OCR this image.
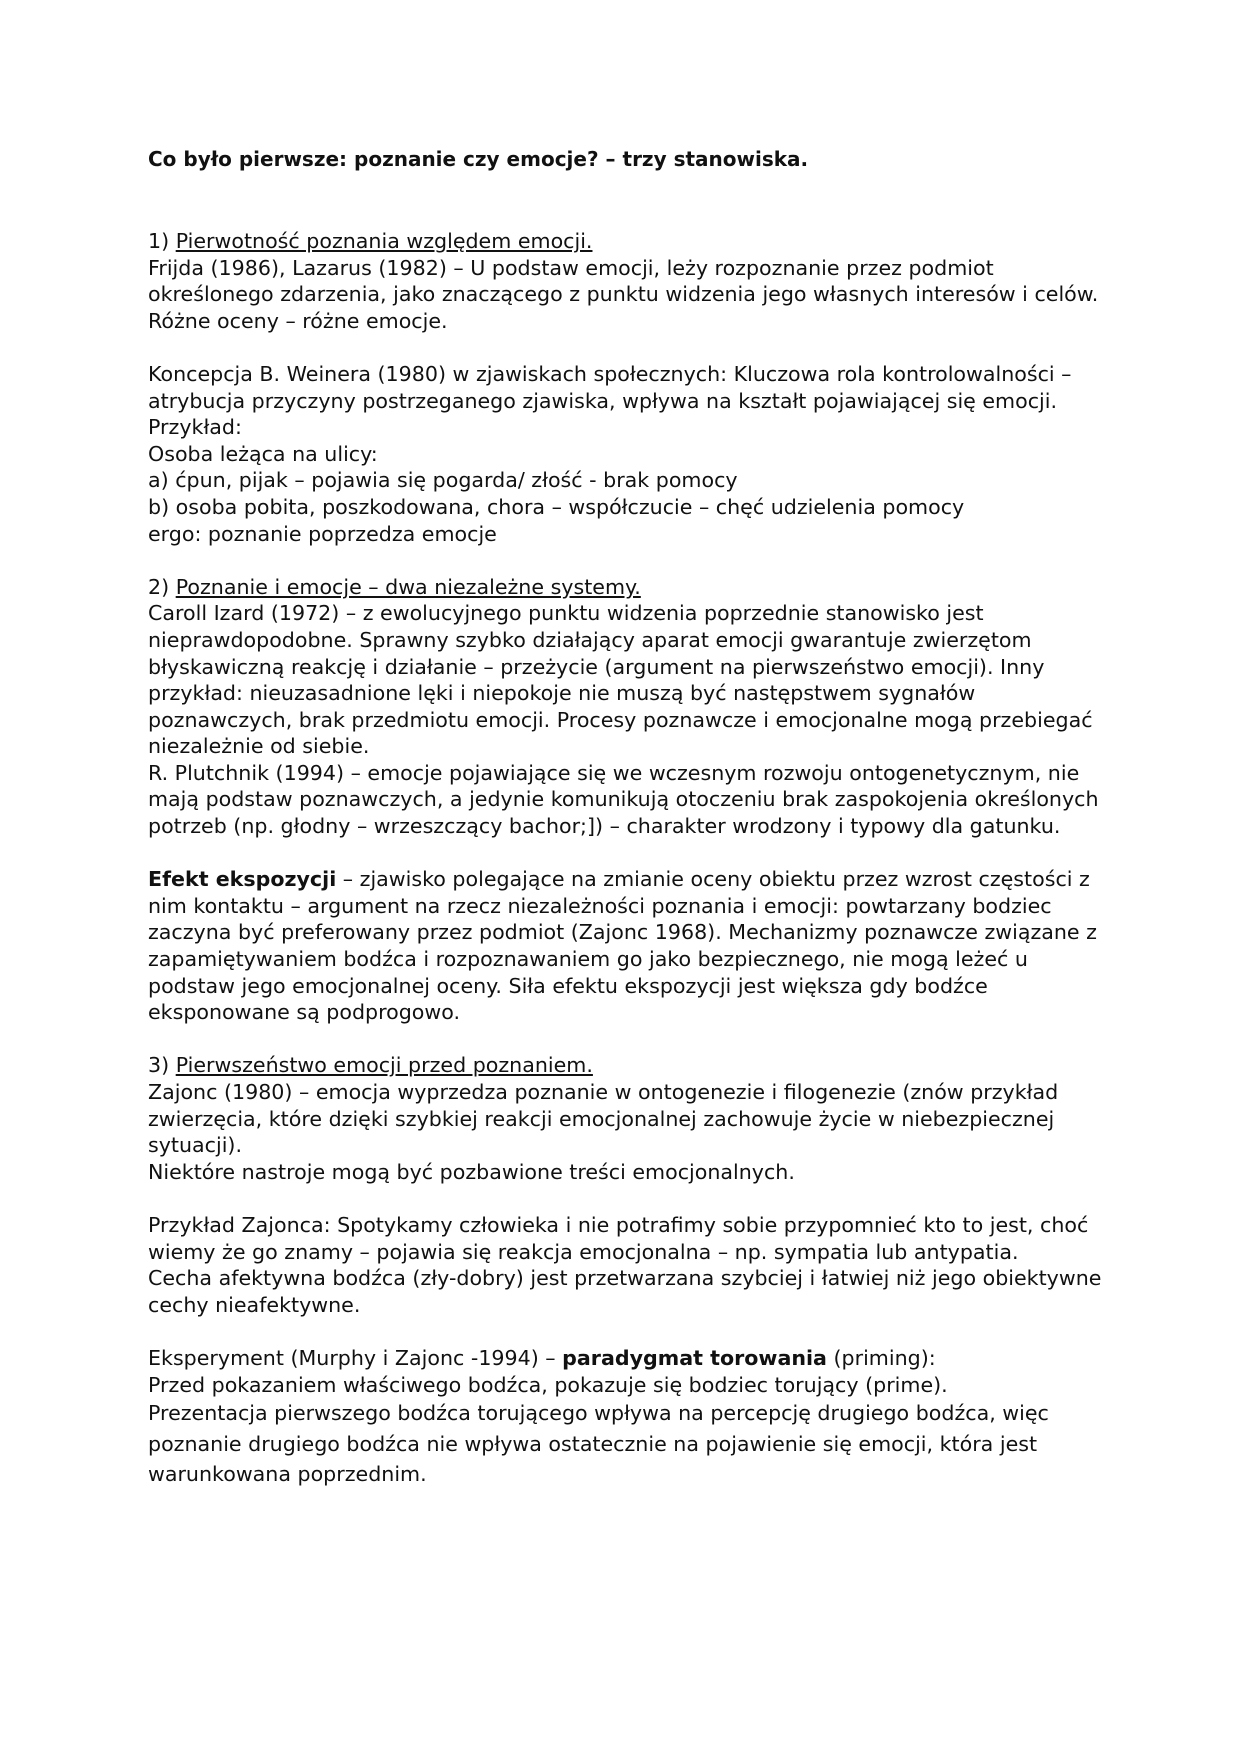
Co było pierwsze: poznanie czy emocje? – trzy stanowiska.

1) Pierwotność poznania względem emocji.

Frijda (1986), Lazarus (1982) – U podstaw emocji, leży rozpoznanie przez podmiot określonego zdarzenia, jako znaczącego z punktu widzenia jego własnych interesów i celów.

Różne oceny – różne emocje.

Koncepcja B. Weinera (1980) w zjawiskach społecznych: Kluczowa rola kontrolowalności – atrybucja przyczyny postrzeganego zjawiska, wpływa na kształt pojawiającej się emocji.

Przykład:

Osoba leżąca na ulicy:

a) ćpun, pijak – pojawia się pogarda/ złość - brak pomocy

b) osoba pobita, poszkodowana, chora – współczucie – chęć udzielenia pomocy

ergo: poznanie poprzedza emocje

2) Poznanie i emocje – dwa niezależne systemy.

Caroll Izard (1972) – z ewolucyjnego punktu widzenia poprzednie stanowisko jest nieprawdopodobne. Sprawny szybko działający aparat emocji gwarantuje zwierzętom błyskawiczną reakcję i działanie – przeżycie (argument na pierwszeństwo emocji). Inny przykład: nieuzasadnione lęki i niepokoje nie muszą być następstwem sygnałów poznawczych, brak przedmiotu emocji. Procesy poznawcze i emocjonalne mogą przebiegać niezależnie od siebie.

R. Plutchnik (1994) – emocje pojawiające się we wczesnym rozwoju ontogenetycznym, nie mają podstaw poznawczych, a jedynie komunikują otoczeniu brak zaspokojenia określonych potrzeb (np. głodny – wrzeszczący bachor;]) – charakter wrodzony i typowy dla gatunku.

Efekt ekspozycji – zjawisko polegające na zmianie oceny obiektu przez wzrost częstości z nim kontaktu – argument na rzecz niezależności poznania i emocji: powtarzany bodziec zaczyna być preferowany przez podmiot (Zajonc 1968). Mechanizmy poznawcze związane z zapamiętywaniem bodźca i rozpoznawaniem go jako bezpiecznego, nie mogą leżeć u podstaw jego emocjonalnej oceny. Siła efektu ekspozycji jest większa gdy bodźce eksponowane są podprogowo.

3) Pierwszeństwo emocji przed poznaniem.

Zajonc (1980) – emocja wyprzedza poznanie w ontogenezie i filogenezie (znów przykład zwierzęcia, które dzięki szybkiej reakcji emocjonalnej zachowuje życie w niebezpiecznej sytuacji).

Niektóre nastroje mogą być pozbawione treści emocjonalnych.

Przykład Zajonca: Spotykamy człowieka i nie potrafimy sobie przypomnieć kto to jest, choć wiemy że go znamy – pojawia się reakcja emocjonalna – np. sympatia lub antypatia.

Cecha afektywna bodźca (zły-dobry) jest przetwarzana szybciej i łatwiej niż jego obiektywne cechy nieafektywne.

Eksperyment (Murphy i Zajonc -1994) – paradygmat torowania (priming):

Przed pokazaniem właściwego bodźca, pokazuje się bodziec torujący (prime).

Prezentacja pierwszego bodźca torującego wpływa na percepcję drugiego bodźca, więc poznanie drugiego bodźca nie wpływa ostatecznie na pojawienie się emocji, która jest warunkowana poprzednim.
